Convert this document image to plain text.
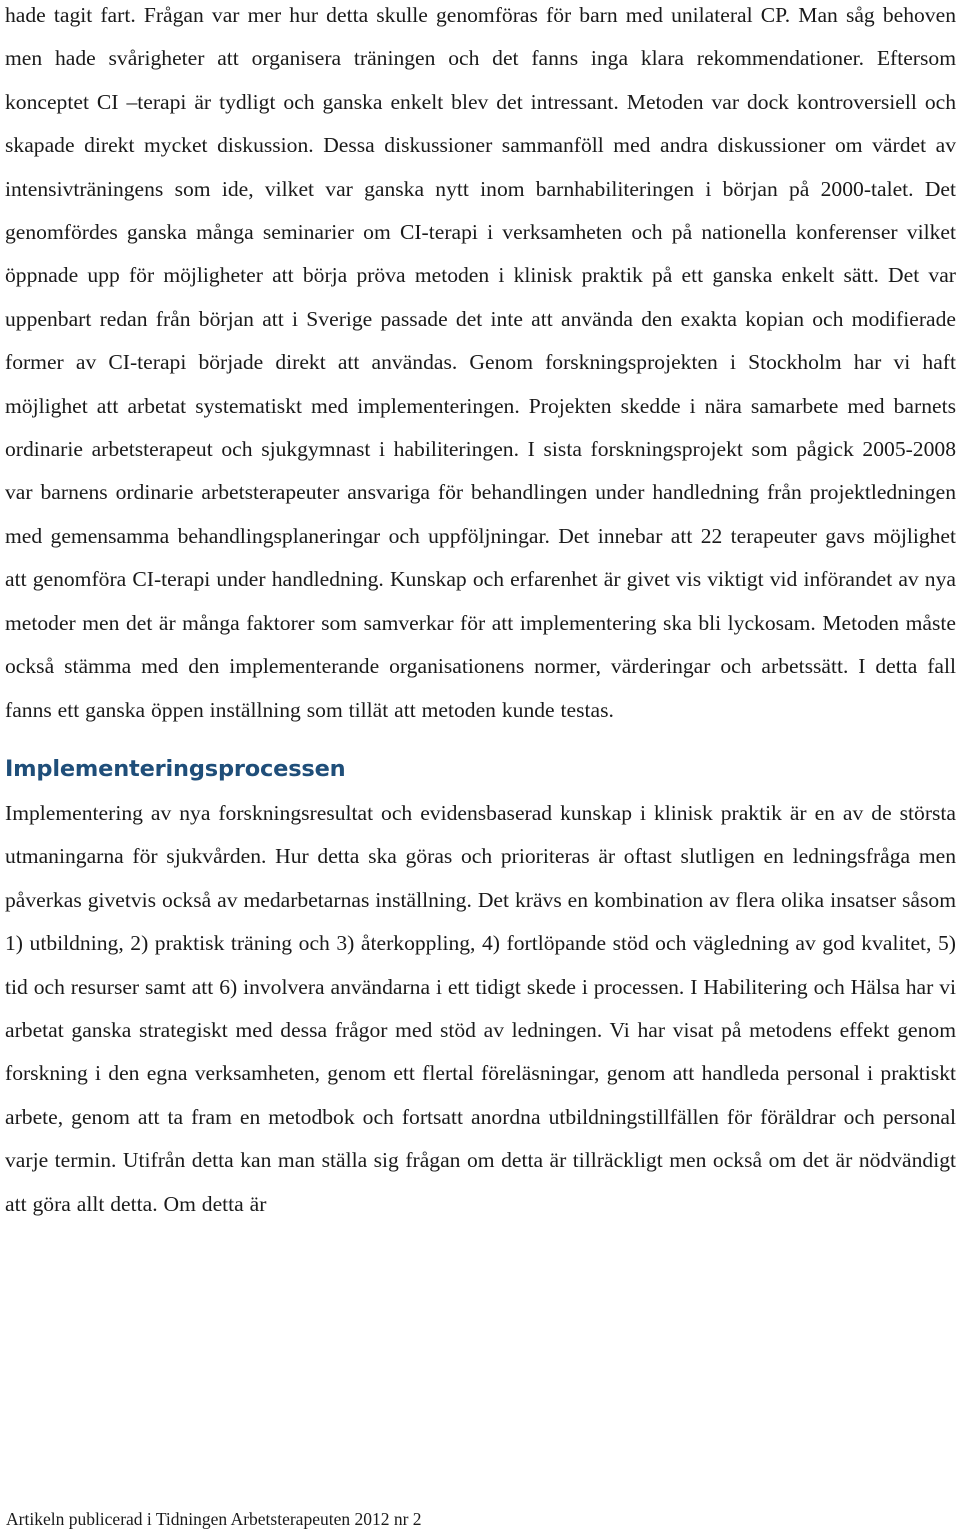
hade tagit fart. Frågan var mer hur detta skulle genomföras för barn med unilateral CP. Man såg behoven men hade svårigheter att organisera träningen och det fanns inga klara rekommendationer. Eftersom konceptet CI –terapi är tydligt och ganska enkelt blev det intressant. Metoden var dock kontroversiell och skapade direkt mycket diskussion. Dessa diskussioner sammanföll med andra diskussioner om värdet av intensivträningens som ide, vilket var ganska nytt inom barnhabiliteringen i början på 2000-talet. Det genomfördes ganska många seminarier om CI-terapi i verksamheten och på nationella konferenser vilket öppnade upp för möjligheter att börja pröva metoden i klinisk praktik på ett ganska enkelt sätt. Det var uppenbart redan från början att i Sverige passade det inte att använda den exakta kopian och modifierade former av CI-terapi började direkt att användas. Genom forskningsprojekten i Stockholm har vi haft möjlighet att arbetat systematiskt med implementeringen. Projekten skedde i nära samarbete med barnets ordinarie arbetsterapeut och sjukgymnast i habiliteringen. I sista forskningsprojekt som pågick 2005-2008 var barnens ordinarie arbetsterapeuter ansvariga för behandlingen under handledning från projektledningen med gemensamma behandlingsplaneringar och uppföljningar. Det innebar att 22 terapeuter gavs möjlighet att genomföra CI-terapi under handledning. Kunskap och erfarenhet är givet vis viktigt vid införandet av nya metoder men det är många faktorer som samverkar för att implementering ska bli lyckosam. Metoden måste också stämma med den implementerande organisationens normer, värderingar och arbetssätt. I detta fall fanns ett ganska öppen inställning som tillät att metoden kunde testas.

Implementeringsprocessen

Implementering av nya forskningsresultat och evidensbaserad kunskap i klinisk praktik är en av de största utmaningarna för sjukvården. Hur detta ska göras och prioriteras är oftast slutligen en ledningsfråga men påverkas givetvis också av medarbetarnas inställning. Det krävs en kombination av flera olika insatser såsom 1) utbildning, 2) praktisk träning och 3) återkoppling, 4) fortlöpande stöd och vägledning av god kvalitet, 5) tid och resurser samt att 6) involvera användarna i ett tidigt skede i processen. I Habilitering och Hälsa har vi arbetat ganska strategiskt med dessa frågor med stöd av ledningen. Vi har visat på metodens effekt genom forskning i den egna verksamheten, genom ett flertal föreläsningar, genom att handleda personal i praktiskt arbete, genom att ta fram en metodbok och fortsatt anordna utbildningstillfällen för föräldrar och personal varje termin. Utifrån detta kan man ställa sig frågan om detta är tillräckligt men också om det är nödvändigt att göra allt detta. Om detta är

Artikeln publicerad i Tidningen Arbetsterapeuten 2012 nr 2
